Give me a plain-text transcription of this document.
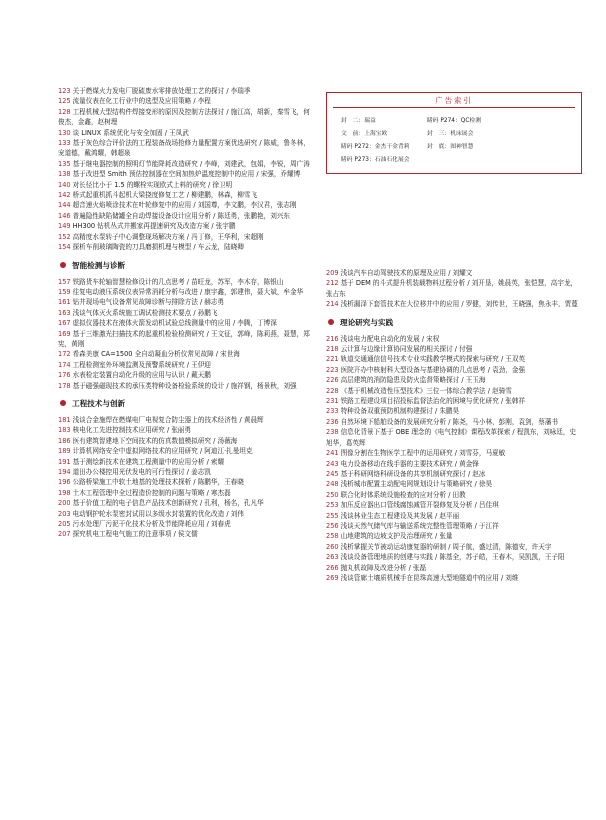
123 关于燃煤火力发电厂脱硫废水零排放处理工艺的探讨 / 李瑞季

125 流量仪表在化工行业中的选型及应用策略 / 李程

128 工程机械大型结构件焊接变形的原因及控制方法探讨 / 施江高，胡新，秦雪飞，何俊杰，金鑫，赵树理

130 谈 LINUX 系统优化与安全加固 / 王凤武

133 基于灰色综合评价法的工程装备战场抢修力量配置方案优选研究 / 陈威，鲁冬林，宠道德，戴鸿耀，韩超泉

135 基于继电器控制的照明灯节能降耗改造研究 / 李峰，刘建武，包娟，李锐，周广涛

138 基于改进型 Smith 预估控制器在空间加热炉温度控制中的应用 / 宋强，乔耀博

140 对长径比小于 1.5 的螺栓实现欧式上料的研究 / 徐卫明

142 桥式起重机抓斗起机大梁挠度修复工艺 / 柳建鹏，林森，柳雪飞

144 超音速火焰喷涂技术在叶轮修复中的应用 / 刘国尊，李文鹏，李汉君，张志刚

146 普遍隐性缺陷储罐全自动焊接设备设计应用分析 / 陈廷勇，张鹏艳，刘兴东

149 HH300 钻机丛式井搬家再提速研究及改造方案 / 张宇鹏

152 高精度水泵转子中心调整现场解决方案 / 冯丁修，王华利，宋超刚

154 探析车削玻璃陶瓷的刀具磨损机理与模型 / 车云龙，陆晓卿

智能检测与诊断

157 铁路货车轮轴智慧检修设计的几点思考 / 苗旺龙，苏军，李木存，陈银山

159 往复电动液压系统仪表异常消耗分析与改进 / 康宇鑫，郭建伟，聂大斌，牟金华

161 钻井现场电气设备常见故障诊断与排除方法 / 赫志勇

163 浅谈气体灭火系统施工调试检测技术要点 / 孙鹏飞

167 虚拟仪器技术在液体火箭发动机试验总线测量中的应用 / 李腾，丁博深

169 基于三维激光扫描技术的起重机检验检测研究 / 王文征，郭峰，陈莉燕，聂慧，郑宪，黄刚

172 希森美康 CA=1500 全自动凝血分析仪常见故障 / 宋世海

174 工程检测室外环境监测及预警系统研究 / 王伊迎

176 水表检定装置自动化升级的应用与认识 / 戴天鹏

178 基于磁强磁现技术的承压类特种设备检验系统的设计 / 施祥钢，杨景秋，刘强

工程技术与创新

181 浅谈合金施焊在燃煤电厂电视复合防尘器上的技术经济性 / 黄晨辉

183 核电化工先进控制技术应用研究 / 张丽勇

186 医有建筑智建地下空间技术的仿真数值模拟研究 / 汤薇海

189 计算机网络安全中虚拟网络技术的应用研究 / 阿迪江·扎曼坦克

191 基于测绘新技术在建筑工程测量中的应用分析 / 索耀

194 道田办公楼控用光伏发电的可行性探讨 / 姜志凯

196 公路桥梁施工中软土地基的处理技术探析 / 陈鹏华，王春晓

198 土木工程管理中全过程造价控制的问题与策略 / 寒杰磊

200 基于价值工程的电子信息产品技术创新研究 / 孔利，杨名，孔凡华

203 电动钢护轮水泵密封试用以多级水封装置的优化改造 / 刘伟

205 污水处理厂污泥干化技术分析及节能降耗应用 / 刘春虎

207 探究机电工程电气施工的注意事项 / 侯文儒

广告索引
封　二：瑞益	睹码 P274：QC检测
文　前：上海宝欧	封　三：机床展会
睹码 P272：金杰干金背莉	封　底：图神智慧
睹码 P273：石油石化展会

209 浅谈汽车自动驾驶技术的原理及应用 / 刘耀文

212 基于 DEM 的斗式提升机装载物料过程分析 / 刘开垦，姚晨英，张恺慧，高宇龙，张占东

214 浅析漏泽下套管技术在大位移井中的应用 / 罗健，刘传世，王晓强，焦永丰，贾蔓

理论研究与实践

216 浅谈电力配电自动化的发展 / 宋权

218 云计算与边缘计算协同发展的相关探讨 / 付强

221 轨道交通通信信号技术专业实践教学模式的探索与研究 / 王双英

223 医院开办中核射科大型设备与基建协调的几点思考 / 袁劲，金强

226 高层建筑的消防隐患及防火监督策略探讨 / 王玉海

228 《基于机械改造性压型技术》三位一体综合教学法 / 赵骑雪

231 铁路工程建设项目招投标监督法治化的困境与优化研究 / 张韩祥

233 特种设备双重预防机制构建探讨 / 朱鹏昊

236 自然环境下船舶设备的发展研究分析 / 陈尧，马小林，彭刚，袁剑，蔡藩书

238 信息化背景下基于 OBE 理念的《电气控制》课程改革探索 / 程凯东，刘咏廷，史旭华，葛英辉

241 图像分割在生物医学工程中的运用研究 / 刘雪芬，马夏敏

243 电力设备移动在线手器的主要技术研究 / 黄金锋

245 基于科研网络科研设备的共享机制研究探讨 / 赵冰

248 浅析城市配置主动配电网规划设计与策略研究 / 徐昊

250 联合化时体系统设施检查的应对分析 / 田教

253 加压反应器出口管线腐蚀减管开裂修复及分析 / 吕佳琪

255 浅谈林业生态工程建设及其发展 / 赵平丽

256 浅谈天然气储气库与输送系统完整性管理策略 / 于江祥

258 山地建筑的边坡支护及治理研究 / 张量

260 浅析掌握关节被动运动康复器的研制 / 周子航，盛过清，陈德安，许天宇

263 浅谈设备管理地质的创建与实践 / 陈基全，苏子皓，王春木，吴凯凯，王子阳

266 抛丸机故障及改进分析 / 张磊

269 浅谈管廊土壤质机械手在昆珠高速大型地隧道中的应用 / 刘维
